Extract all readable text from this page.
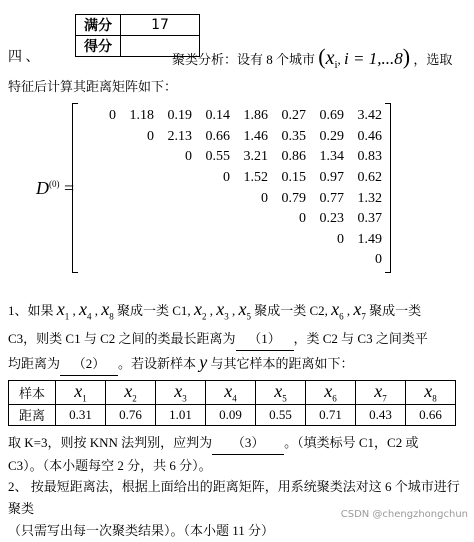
满分	17
得分	
四 、	聚类分析：设有 8 个城市 ($x_i$, i = 1,...8) ，选取
特征后计算其距离矩阵如下：
$D^{(0)}$ =
0	1.18	0.19	0.14	1.86	0.27	0.69	3.42
	0	2.13	0.66	1.46	0.35	0.29	0.46
		0	0.55	3.21	0.86	1.34	0.83
			0	1.52	0.15	0.97	0.62
				0	0.79	0.77	1.32
					0	0.23	0.37
						0	1.49
							0
1、如果 $x_1$ , $x_4$ , $x_8$ 聚成一类 C1, $x_2$ , $x_3$ , $x_5$ 聚成一类 C2, $x_6$ , $x_7$ 聚成一类
C3，则类 C1 与 C2 之间的类最长距离为 （1） ，类 C2 与 C3 之间类平
均距离为 （2） 。若设新样本 y 与其它样本的距离如下：
样本	$x_1$	$x_2$	$x_3$	$x_4$	$x_5$	$x_6$	$x_7$	$x_8$
距离	0.31	0.76	1.01	0.09	0.55	0.71	0.43	0.66
取 K=3，则按 KNN 法判别，应判为 （3） 。（填类标号 C1，C2 或
C3）。（本小题每空 2 分，共 6 分）。
2、 按最短距离法，根据上面给出的距离矩阵，用系统聚类法对这 6 个城市进行聚类
（只需写出每一次聚类结果）。（本小题 11 分）
CSDN @chengzhongchun
